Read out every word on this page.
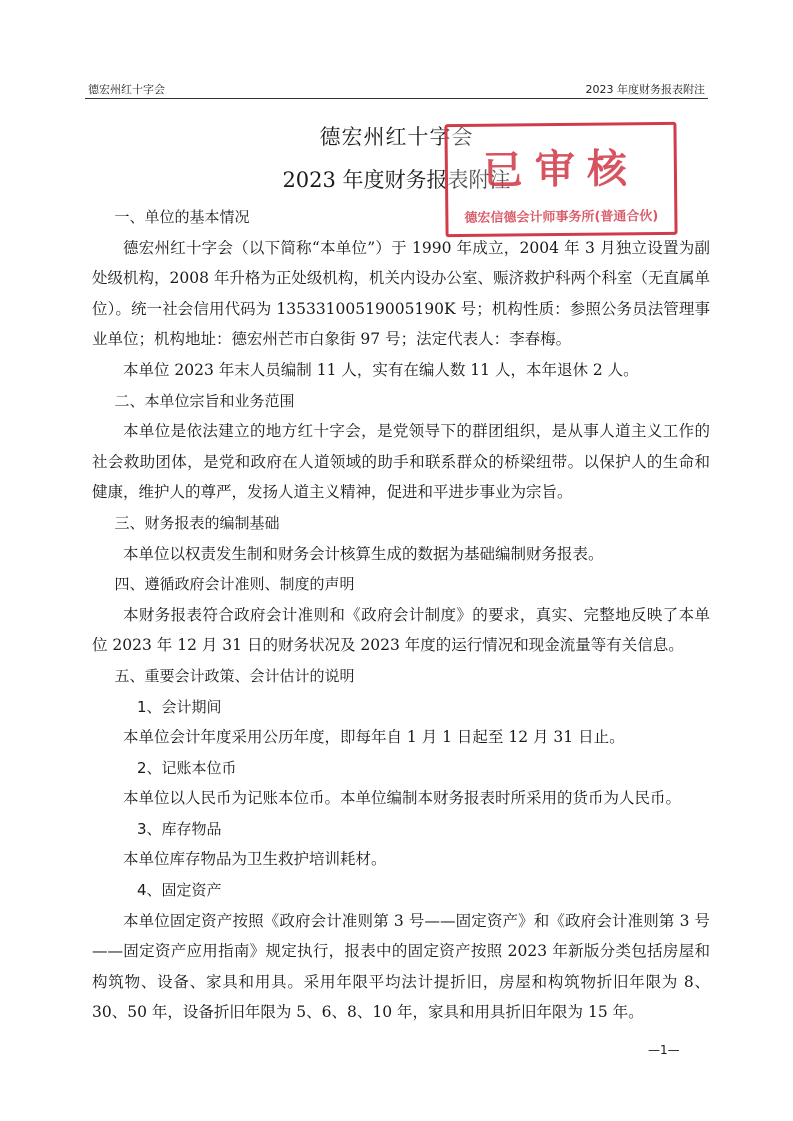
德宏州红十字会	2023 年度财务报表附注
德宏州红十字会
2023 年度财务报表附注
已审核
德宏信德会计师事务所(普通合伙)

一、单位的基本情况

德宏州红十字会（以下简称“本单位”）于 1990 年成立，2004 年 3 月独立设置为副处级机构，2008 年升格为正处级机构，机关内设办公室、赈济救护科两个科室（无直属单位）。统一社会信用代码为 13533100519005190K 号；机构性质：参照公务员法管理事业单位；机构地址：德宏州芒市白象街 97 号；法定代表人：李春梅。

本单位 2023 年末人员编制 11 人，实有在编人数 11 人，本年退休 2 人。

二、本单位宗旨和业务范围

本单位是依法建立的地方红十字会，是党领导下的群团组织，是从事人道主义工作的社会救助团体，是党和政府在人道领域的助手和联系群众的桥梁纽带。以保护人的生命和健康，维护人的尊严，发扬人道主义精神，促进和平进步事业为宗旨。

三、财务报表的编制基础

本单位以权责发生制和财务会计核算生成的数据为基础编制财务报表。

四、遵循政府会计准则、制度的声明

本财务报表符合政府会计准则和《政府会计制度》的要求，真实、完整地反映了本单位 2023 年 12 月 31 日的财务状况及 2023 年度的运行情况和现金流量等有关信息。

五、重要会计政策、会计估计的说明

1、会计期间

本单位会计年度采用公历年度，即每年自 1 月 1 日起至 12 月 31 日止。

2、记账本位币

本单位以人民币为记账本位币。本单位编制本财务报表时所采用的货币为人民币。

3、库存物品

本单位库存物品为卫生救护培训耗材。

4、固定资产

本单位固定资产按照《政府会计准则第 3 号——固定资产》和《政府会计准则第 3 号——固定资产应用指南》规定执行，报表中的固定资产按照 2023 年新版分类包括房屋和构筑物、设备、家具和用具。采用年限平均法计提折旧，房屋和构筑物折旧年限为 8、30、50 年，设备折旧年限为 5、6、8、10 年，家具和用具折旧年限为 15 年。

—1—
